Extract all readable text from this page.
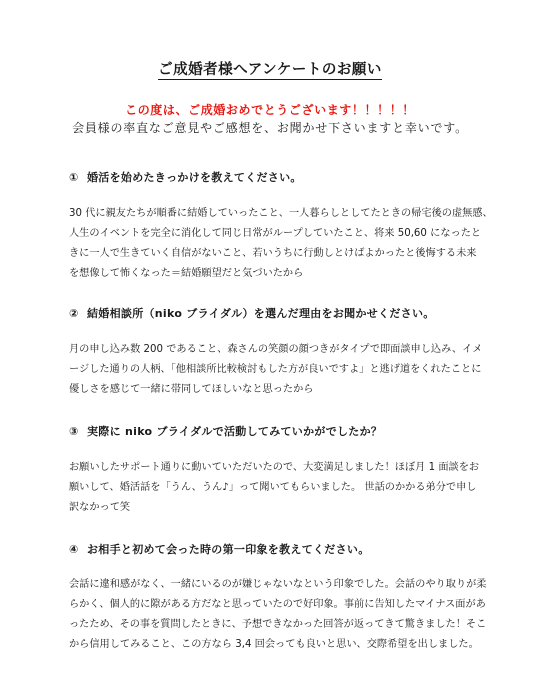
ご成婚者様へアンケートのお願い
この度は、ご成婚おめでとうございます！！！！！
会員様の率直なご意見やご感想を、お聞かせ下さいますと幸いです。
① 婚活を始めたきっかけを教えてください。
30 代に親友たちが順番に結婚していったこと、一人暮らしとしてたときの帰宅後の虚無感、
人生のイベントを完全に消化して同じ日常がループしていたこと、将来 50,60 になったと
きに一人で生きていく自信がないこと、若いうちに行動しとけばよかったと後悔する未来
を想像して怖くなった＝結婚願望だと気づいたから
② 結婚相談所（niko ブライダル）を選んだ理由をお聞かせください。
月の申し込み数 200 であること、森さんの笑顔の顔つきがタイプで即面談申し込み、イメ
ージした通りの人柄、「他相談所比較検討もした方が良いですよ」と逃げ道をくれたことに
優しさを感じて一緒に帯同してほしいなと思ったから
③ 実際に niko ブライダルで活動してみていかがでしたか？
お願いしたサポート通りに動いていただいたので、大変満足しました！ほぼ月 1 面談をお
願いして、婚活話を「うん、うん♪」って聞いてもらいました。 世話のかかる弟分で申し
訳なかって笑
④ お相手と初めて会った時の第一印象を教えてください。
会話に違和感がなく、一緒にいるのが嫌じゃないなという印象でした。会話のやり取りが柔
らかく、個人的に隙がある方だなと思っていたので好印象。事前に告知したマイナス面があ
ったため、その事を質問したときに、予想できなかった回答が返ってきて驚きました！そこ
から信用してみること、この方なら 3,4 回会っても良いと思い、交際希望を出しました。
